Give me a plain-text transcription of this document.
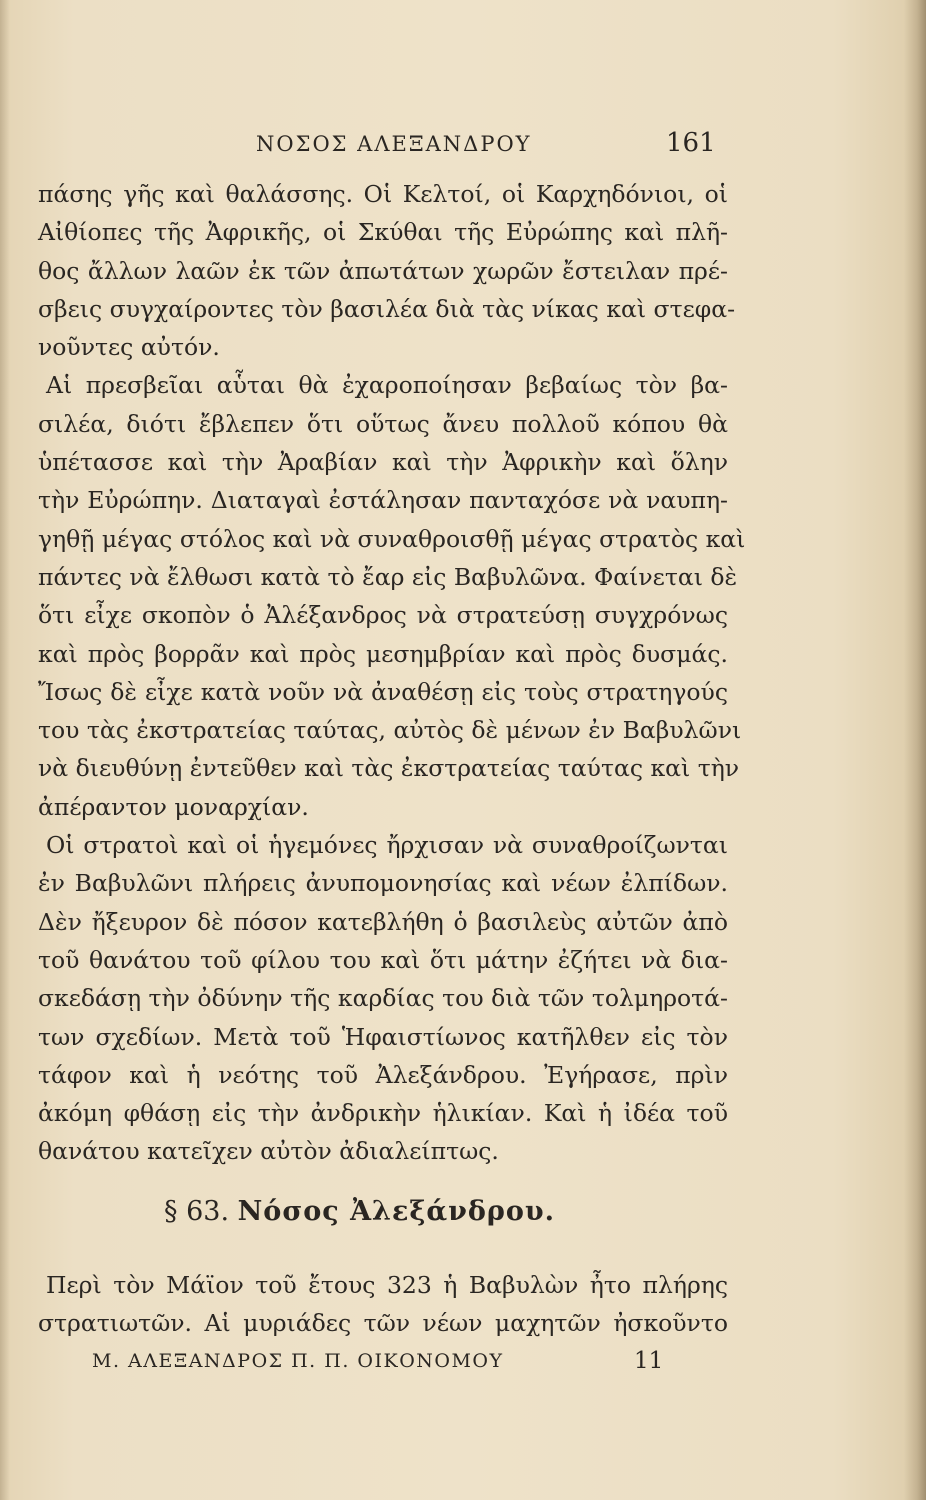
ΝΟΣΟΣ ΑΛΕΞΑΝΔΡΟΥ	161
πάσης γῆς καὶ θαλάσσης. Οἱ Κελτοί, οἱ Καρχηδόνιοι, οἱ
Αἰθίοπες τῆς Ἀφρικῆς, οἱ Σκύθαι τῆς Εὐρώπης καὶ πλῆ-
θος ἄλλων λαῶν ἐκ τῶν ἀπωτάτων χωρῶν ἔστειλαν πρέ-
σβεις συγχαίροντες τὸν βασιλέα διὰ τὰς νίκας καὶ στεφα-
νοῦντες αὐτόν.
Αἱ πρεσβεῖαι αὗται θὰ ἐχαροποίησαν βεβαίως τὸν βα-
σιλέα, διότι ἔβλεπεν ὅτι οὕτως ἄνευ πολλοῦ κόπου θὰ
ὑπέτασσε καὶ τὴν Ἀραβίαν καὶ τὴν Ἀφρικὴν καὶ ὅλην
τὴν Εὐρώπην. Διαταγαὶ ἐστάλησαν πανταχόσε νὰ ναυπη-
γηθῇ μέγας στόλος καὶ νὰ συναθροισθῇ μέγας στρατὸς καὶ
πάντες νὰ ἔλθωσι κατὰ τὸ ἔαρ εἰς Βαβυλῶνα. Φαίνεται δὲ
ὅτι εἶχε σκοπὸν ὁ Ἀλέξανδρος νὰ στρατεύσῃ συγχρόνως
καὶ πρὸς βορρᾶν καὶ πρὸς μεσημβρίαν καὶ πρὸς δυσμάς.
Ἴσως δὲ εἶχε κατὰ νοῦν νὰ ἀναθέσῃ εἰς τοὺς στρατηγούς
του τὰς ἐκστρατείας ταύτας, αὐτὸς δὲ μένων ἐν Βαβυλῶνι
νὰ διευθύνῃ ἐντεῦθεν καὶ τὰς ἐκστρατείας ταύτας καὶ τὴν
ἀπέραντον μοναρχίαν.
Οἱ στρατοὶ καὶ οἱ ἡγεμόνες ἤρχισαν νὰ συναθροίζωνται
ἐν Βαβυλῶνι πλήρεις ἀνυπομονησίας καὶ νέων ἐλπίδων.
Δὲν ἤξευρον δὲ πόσον κατεβλήθη ὁ βασιλεὺς αὐτῶν ἀπὸ
τοῦ θανάτου τοῦ φίλου του καὶ ὅτι μάτην ἐζήτει νὰ δια-
σκεδάσῃ τὴν ὀδύνην τῆς καρδίας του διὰ τῶν τολμηροτά-
των σχεδίων. Μετὰ τοῦ Ἡφαιστίωνος κατῆλθεν εἰς τὸν
τάφον καὶ ἡ νεότης τοῦ Ἀλεξάνδρου. Ἐγήρασε, πρὶν
ἀκόμη φθάσῃ εἰς τὴν ἀνδρικὴν ἡλικίαν. Καὶ ἡ ἰδέα τοῦ
θανάτου κατεῖχεν αὐτὸν ἀδιαλείπτως.
§ 63. Νόσος Ἀλεξάνδρου.
Περὶ τὸν Μάϊον τοῦ ἔτους 323 ἡ Βαβυλὼν ἦτο πλήρης
στρατιωτῶν. Αἱ μυριάδες τῶν νέων μαχητῶν ἠσκοῦντο
Μ. ΑΛΕΞΑΝΔΡΟΣ Π. Π. ΟΙΚΟΝΟΜΟΥ	11
